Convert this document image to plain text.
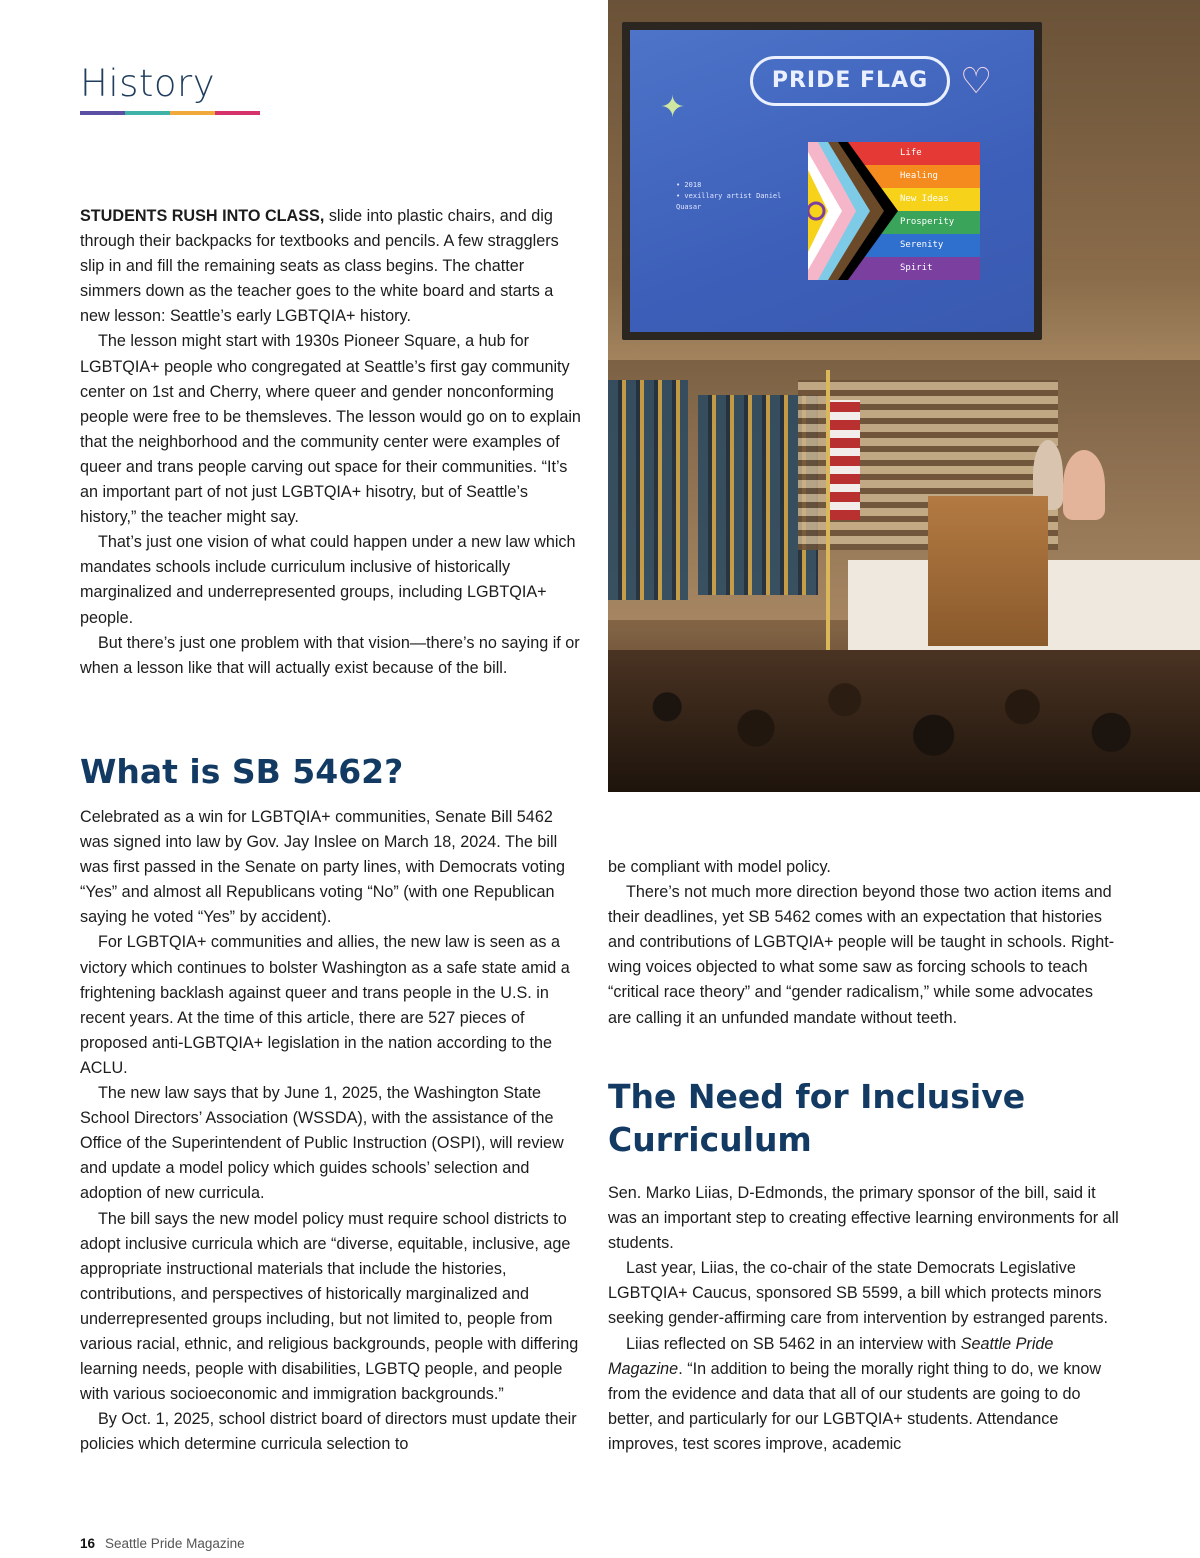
History
✦
♡
PRIDE FLAG
• 2018
• vexillary artist Daniel Quasar
Life
Healing
New Ideas
Prosperity
Serenity
Spirit

STUDENTS RUSH INTO CLASS, slide into plastic chairs, and dig through their backpacks for textbooks and pencils. A few stragglers slip in and fill the remaining seats as class begins. The chatter simmers down as the teacher goes to the white board and starts a new lesson: Seattle’s early LGBTQIA+ history.

The lesson might start with 1930s Pioneer Square, a hub for LGBTQIA+ people who congregated at Seattle’s first gay community center on 1st and Cherry, where queer and gender nonconforming people were free to be themsleves. The lesson would go on to explain that the neighborhood and the community center were examples of queer and trans people carving out space for their communities. “It’s an important part of not just LGBTQIA+ hisotry, but of Seattle’s history,” the teacher might say.

That’s just one vision of what could happen under a new law which mandates schools include curriculum inclusive of historically marginalized and underrepresented groups, including LGBTQIA+ people.

But there’s just one problem with that vision—there’s no saying if or when a lesson like that will actually exist because of the bill.

What is SB 5462?

Celebrated as a win for LGBTQIA+ communities, Senate Bill 5462 was signed into law by Gov. Jay Inslee on March 18, 2024. The bill was first passed in the Senate on party lines, with Democrats voting “Yes” and almost all Republicans voting “No” (with one Republican saying he voted “Yes” by accident).

For LGBTQIA+ communities and allies, the new law is seen as a victory which continues to bolster Washington as a safe state amid a frightening backlash against queer and trans people in the U.S. in recent years. At the time of this article, there are 527 pieces of proposed anti-LGBTQIA+ legislation in the nation according to the ACLU.

The new law says that by June 1, 2025, the Washington State School Directors’ Association (WSSDA), with the assistance of the Office of the Superintendent of Public Instruction (OSPI), will review and update a model policy which guides schools’ selection and adoption of new curricula.

The bill says the new model policy must require school districts to adopt inclusive curricula which are “diverse, equitable, inclusive, age appropriate instructional materials that include the histories, contributions, and perspectives of historically marginalized and underrepresented groups including, but not limited to, people from various racial, ethnic, and religious backgrounds, people with differing learning needs, people with disabilities, LGBTQ people, and people with various socioeconomic and immigration backgrounds.”

By Oct. 1, 2025, school district board of directors must update their policies which determine curricula selection to

be compliant with model policy.

There’s not much more direction beyond those two action items and their deadlines, yet SB 5462 comes with an expectation that histories and contributions of LGBTQIA+ people will be taught in schools. Right-wing voices objected to what some saw as forcing schools to teach “critical race theory” and “gender radicalism,” while some advocates are calling it an unfunded mandate without teeth.

The Need for Inclusive Curriculum

Sen. Marko Liias, D-Edmonds, the primary sponsor of the bill, said it was an important step to creating effective learning environments for all students.

Last year, Liias, the co-chair of the state Democrats Legislative LGBTQIA+ Caucus, sponsored SB 5599, a bill which protects minors seeking gender-affirming care from intervention by estranged parents.

Liias reflected on SB 5462 in an interview with Seattle Pride Magazine. “In addition to being the morally right thing to do, we know from the evidence and data that all of our students are going to do better, and particularly for our LGBTQIA+ students. Attendance improves, test scores improve, academic

16 Seattle Pride Magazine
